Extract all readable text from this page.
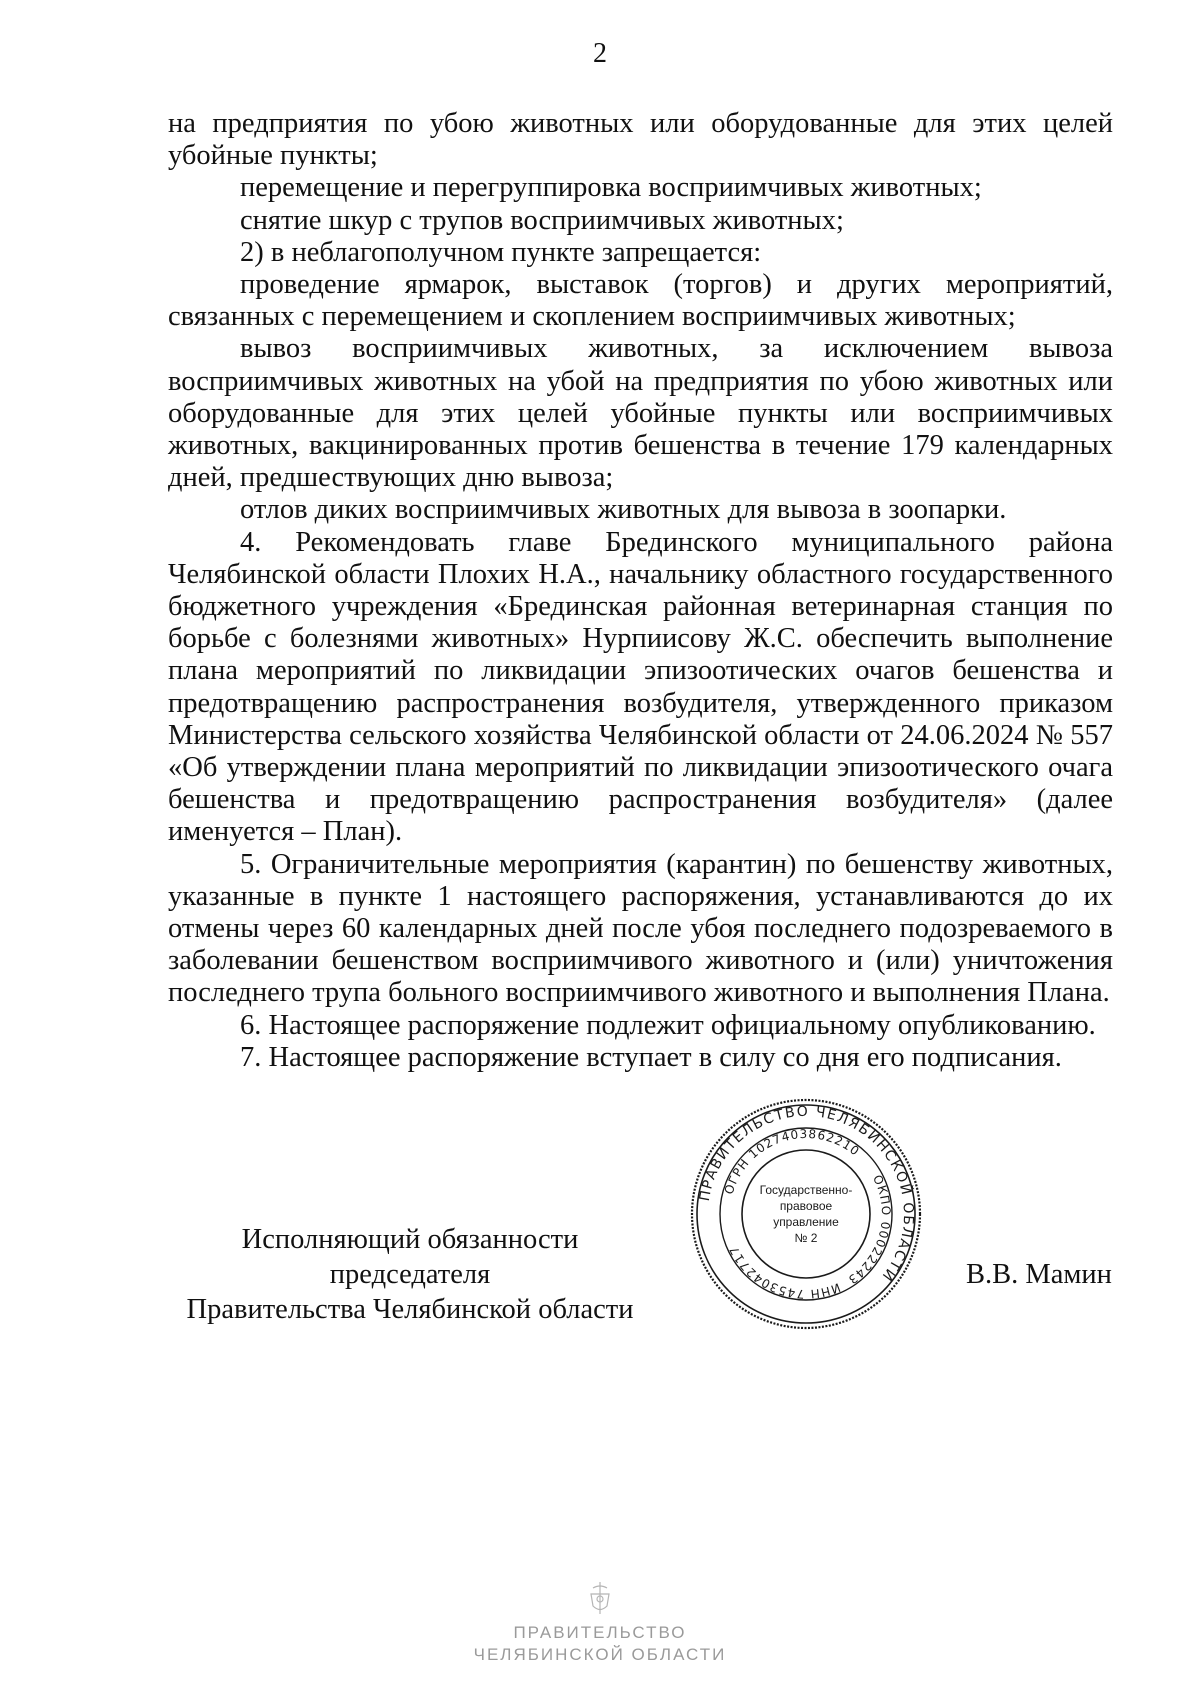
2

на предприятия по убою животных или оборудованные для этих целей убойные пункты;

перемещение и перегруппировка восприимчивых животных;

снятие шкур с трупов восприимчивых животных;

2) в неблагополучном пункте запрещается:

проведение ярмарок, выставок (торгов) и других мероприятий, связанных с перемещением и скоплением восприимчивых животных;

вывоз восприимчивых животных, за исключением вывоза восприимчивых животных на убой на предприятия по убою животных или оборудованные для этих целей убойные пункты или восприимчивых животных, вакцинированных против бешенства в течение 179 календарных дней, предшествующих дню вывоза;

отлов диких восприимчивых животных для вывоза в зоопарки.

4. Рекомендовать главе Брединского муниципального района Челябинской области Плохих Н.А., начальнику областного государственного бюджетного учреждения «Брединская районная ветеринарная станция по борьбе с болезнями животных» Нурпиисову Ж.С. обеспечить выполнение плана мероприятий по ликвидации эпизоотических очагов бешенства и предотвращению распространения возбудителя, утвержденного приказом Министерства сельского хозяйства Челябинской области от 24.06.2024 № 557 «Об утверждении плана мероприятий по ликвидации эпизоотического очага бешенства и предотвращению распространения возбудителя» (далее именуется – План).

5. Ограничительные мероприятия (карантин) по бешенству животных, указанные в пункте 1 настоящего распоряжения, устанавливаются до их отмены через 60 календарных дней после убоя последнего подозреваемого в заболевании бешенством восприимчивого животного и (или) уничтожения последнего трупа больного восприимчивого животного и выполнения Плана.

6. Настоящее распоряжение подлежит официальному опубликованию.

7. Настоящее распоряжение вступает в силу со дня его подписания.

ПРАВИТЕЛЬСТВО ЧЕЛЯБИНСКОЙ ОБЛАСТИ
ОГРН 1027403862210
ОКПО 00022243
ИНН 7453042717
Государственно-
правовое
управление
№ 2
Исполняющий обязанности председателя
Правительства Челябинской области
В.В. Мамин
ПРАВИТЕЛЬСТВО
ЧЕЛЯБИНСКОЙ ОБЛАСТИ
